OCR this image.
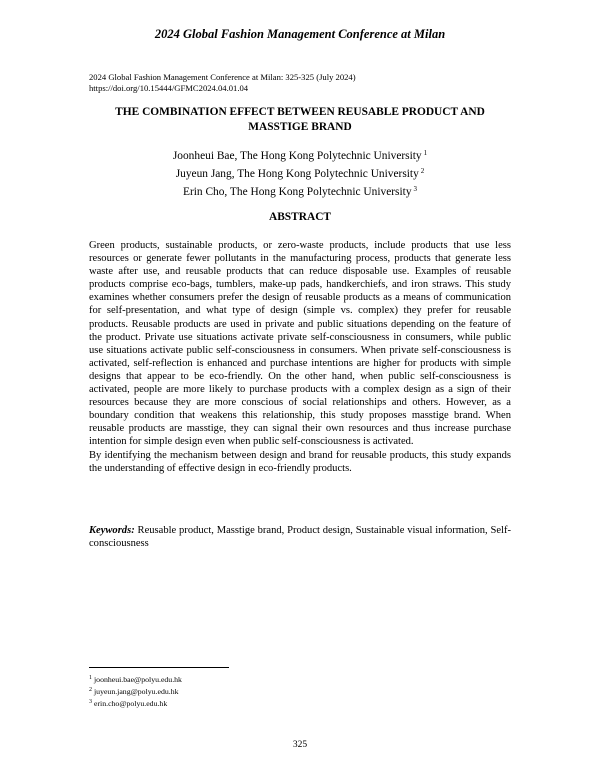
2024 Global Fashion Management Conference at Milan
2024 Global Fashion Management Conference at Milan: 325-325 (July 2024)
https://doi.org/10.15444/GFMC2024.04.01.04
THE COMBINATION EFFECT BETWEEN REUSABLE PRODUCT AND
MASSTIGE BRAND
Joonheui Bae, The Hong Kong Polytechnic University $^1$
Juyeun Jang, The Hong Kong Polytechnic University $^2$
Erin Cho, The Hong Kong Polytechnic University $^3$
ABSTRACT

Green products, sustainable products, or zero-waste products, include products that use less resources or generate fewer pollutants in the manufacturing process, products that generate less waste after use, and reusable products that can reduce disposable use. Examples of reusable products comprise eco-bags, tumblers, make-up pads, handkerchiefs, and iron straws. This study examines whether consumers prefer the design of reusable products as a means of communication for self-presentation, and what type of design (simple vs. complex) they prefer for reusable products. Reusable products are used in private and public situations depending on the feature of the product. Private use situations activate private self-consciousness in consumers, while public use situations activate public self-consciousness in consumers. When private self-consciousness is activated, self-reflection is enhanced and purchase intentions are higher for products with simple designs that appear to be eco-friendly. On the other hand, when public self-consciousness is activated, people are more likely to purchase products with a complex design as a sign of their resources because they are more conscious of social relationships and others. However, as a boundary condition that weakens this relationship, this study proposes masstige brand. When reusable products are masstige, they can signal their own resources and thus increase purchase intention for simple design even when public self-consciousness is activated.

By identifying the mechanism between design and brand for reusable products, this study expands the understanding of effective design in eco-friendly products.

Keywords: Reusable product, Masstige brand, Product design, Sustainable visual information, Self-consciousness
$^1$ joonheui.bae@polyu.edu.hk
$^2$ juyeun.jang@polyu.edu.hk
$^3$ erin.cho@polyu.edu.hk
325
